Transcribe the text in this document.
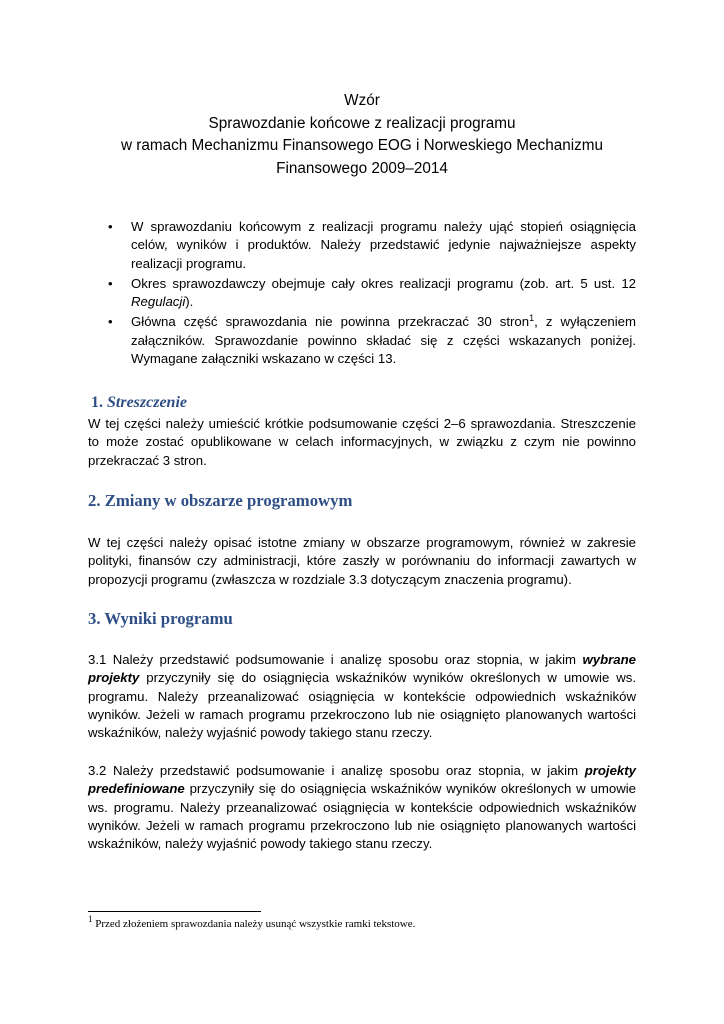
Wzór
Sprawozdanie końcowe z realizacji programu
w ramach Mechanizmu Finansowego EOG i Norweskiego Mechanizmu
Finansowego 2009–2014
• W sprawozdaniu końcowym z realizacji programu należy ująć stopień osiągnięcia celów, wyników i produktów. Należy przedstawić jedynie najważniejsze aspekty realizacji programu.
• Okres sprawozdawczy obejmuje cały okres realizacji programu (zob. art. 5 ust. 12 Regulacji).
• Główna część sprawozdania nie powinna przekraczać 30 stron$^1$, z wyłączeniem załączników. Sprawozdanie powinno składać się z części wskazanych poniżej. Wymagane załączniki wskazano w części 13.
1. Streszczenie

W tej części należy umieścić krótkie podsumowanie części 2–6 sprawozdania. Streszczenie to może zostać opublikowane w celach informacyjnych, w związku z czym nie powinno przekraczać 3 stron.

2. Zmiany w obszarze programowym

W tej części należy opisać istotne zmiany w obszarze programowym, również w zakresie polityki, finansów czy administracji, które zaszły w porównaniu do informacji zawartych w propozycji programu (zwłaszcza w rozdziale 3.3 dotyczącym znaczenia programu).

3. Wyniki programu

3.1 Należy przedstawić podsumowanie i analizę sposobu oraz stopnia, w jakim wybrane projekty przyczyniły się do osiągnięcia wskaźników wyników określonych w umowie ws. programu. Należy przeanalizować osiągnięcia w kontekście odpowiednich wskaźników wyników. Jeżeli w ramach programu przekroczono lub nie osiągnięto planowanych wartości wskaźników, należy wyjaśnić powody takiego stanu rzeczy.

3.2 Należy przedstawić podsumowanie i analizę sposobu oraz stopnia, w jakim projekty predefiniowane przyczyniły się do osiągnięcia wskaźników wyników określonych w umowie ws. programu. Należy przeanalizować osiągnięcia w kontekście odpowiednich wskaźników wyników. Jeżeli w ramach programu przekroczono lub nie osiągnięto planowanych wartości wskaźników, należy wyjaśnić powody takiego stanu rzeczy.

$^1$ Przed złożeniem sprawozdania należy usunąć wszystkie ramki tekstowe.
